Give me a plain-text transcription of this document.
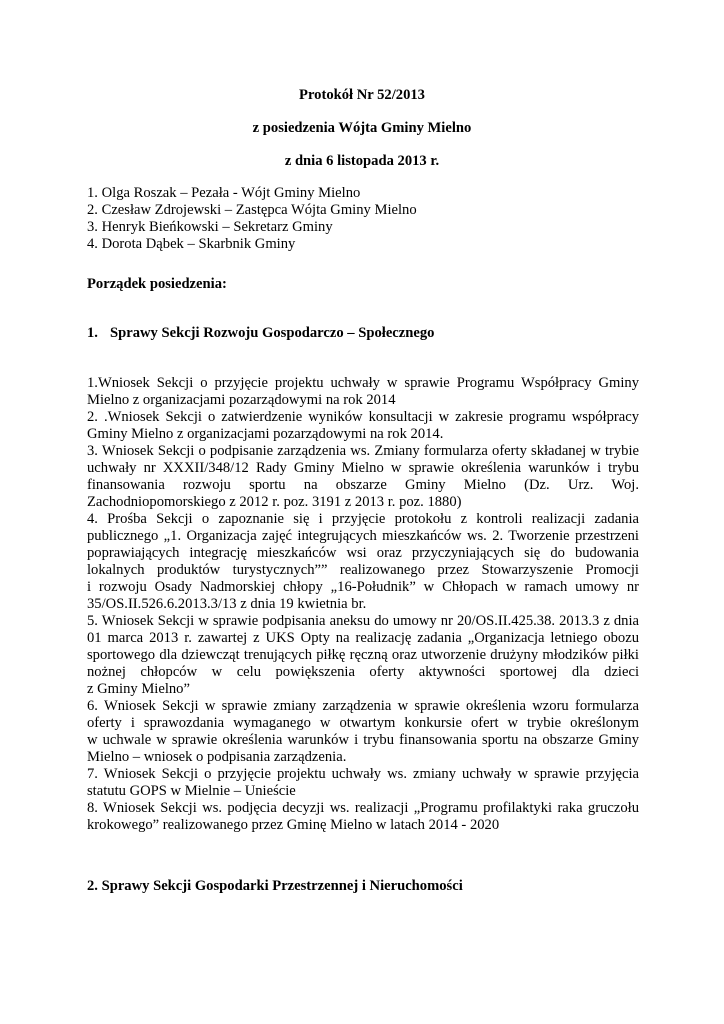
Protokół Nr 52/2013
z posiedzenia Wójta Gminy Mielno
z dnia 6 listopada 2013 r.
1. Olga Roszak – Pezała - Wójt Gminy Mielno
2. Czesław Zdrojewski – Zastępca Wójta Gminy Mielno
3. Henryk Bieńkowski – Sekretarz Gminy
4. Dorota Dąbek – Skarbnik Gminy
Porządek posiedzenia:
1. Sprawy Sekcji Rozwoju Gospodarczo – Społecznego
1.Wniosek Sekcji o przyjęcie projektu uchwały w sprawie Programu Współpracy Gminy
Mielno z organizacjami pozarządowymi na rok 2014
2. .Wniosek Sekcji o zatwierdzenie wyników konsultacji w zakresie programu współpracy
Gminy Mielno z organizacjami pozarządowymi na rok 2014.
3. Wniosek Sekcji o podpisanie zarządzenia ws. Zmiany formularza oferty składanej w trybie
uchwały nr XXXII/348/12 Rady Gminy Mielno w sprawie określenia warunków i trybu
finansowania rozwoju sportu na obszarze Gminy Mielno (Dz. Urz. Woj.
Zachodniopomorskiego z 2012 r. poz. 3191 z 2013 r. poz. 1880)
4. Prośba Sekcji o zapoznanie się i przyjęcie protokołu z kontroli realizacji zadania
publicznego „1. Organizacja zajęć integrujących mieszkańców ws. 2. Tworzenie przestrzeni
poprawiających integrację mieszkańców wsi oraz przyczyniających się do budowania
lokalnych produktów turystycznych”” realizowanego przez Stowarzyszenie Promocji
i rozwoju Osady Nadmorskiej chłopy „16-Południk” w Chłopach w ramach umowy nr
35/OS.II.526.6.2013.3/13 z dnia 19 kwietnia br.
5. Wniosek Sekcji w sprawie podpisania aneksu do umowy nr 20/OS.II.425.38. 2013.3 z dnia
01 marca 2013 r. zawartej z UKS Opty na realizację zadania „Organizacja letniego obozu
sportowego dla dziewcząt trenujących piłkę ręczną oraz utworzenie drużyny młodzików piłki
nożnej chłopców w celu powiększenia oferty aktywności sportowej dla dzieci
z Gminy Mielno”
6. Wniosek Sekcji w sprawie zmiany zarządzenia w sprawie określenia wzoru formularza
oferty i sprawozdania wymaganego w otwartym konkursie ofert w trybie określonym
w uchwale w sprawie określenia warunków i trybu finansowania sportu na obszarze Gminy
Mielno – wniosek o podpisania zarządzenia.
7. Wniosek Sekcji o przyjęcie projektu uchwały ws. zmiany uchwały w sprawie przyjęcia
statutu GOPS w Mielnie – Unieście
8. Wniosek Sekcji ws. podjęcia decyzji ws. realizacji „Programu profilaktyki raka gruczołu
krokowego” realizowanego przez Gminę Mielno w latach 2014 - 2020
2. Sprawy Sekcji Gospodarki Przestrzennej i Nieruchomości
